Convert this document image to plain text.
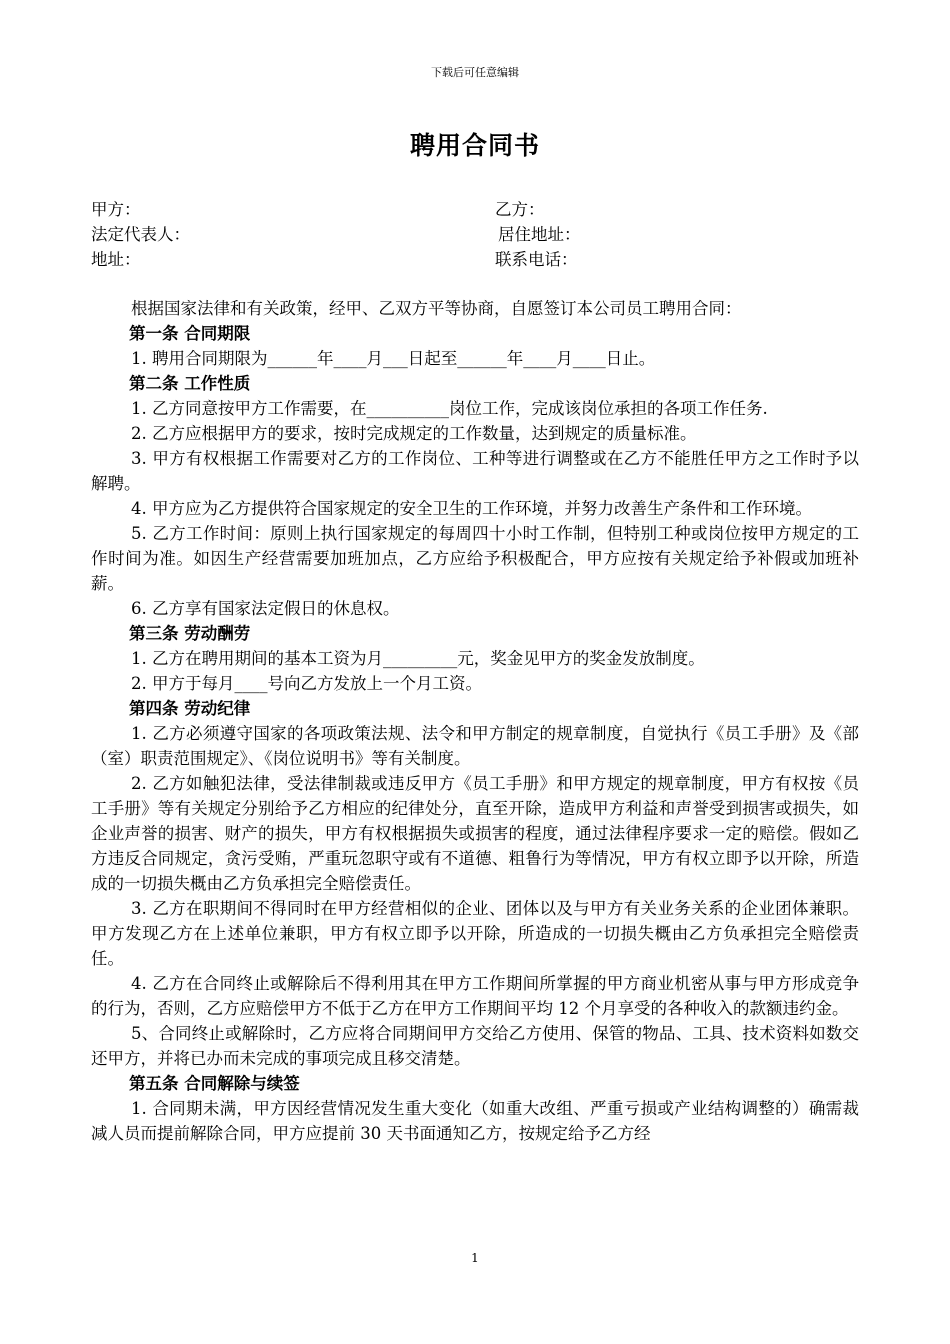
下载后可任意编辑
聘用合同书
甲方：	乙方：
法定代表人：	居住地址：
地址：	联系电话：

根据国家法律和有关政策，经甲、乙双方平等协商，自愿签订本公司员工聘用合同：

第一条 合同期限

1. 聘用合同期限为______年____月___日起至______年____月____日止。

第二条 工作性质

1. 乙方同意按甲方工作需要，在__________岗位工作，完成该岗位承担的各项工作任务.

2. 乙方应根据甲方的要求，按时完成规定的工作数量，达到规定的质量标准。

3. 甲方有权根据工作需要对乙方的工作岗位、工种等进行调整或在乙方不能胜任甲方之工作时予以解聘。

4. 甲方应为乙方提供符合国家规定的安全卫生的工作环境，并努力改善生产条件和工作环境。

5. 乙方工作时间：原则上执行国家规定的每周四十小时工作制，但特别工种或岗位按甲方规定的工作时间为准。如因生产经营需要加班加点，乙方应给予积极配合，甲方应按有关规定给予补假或加班补薪。

6. 乙方享有国家法定假日的休息权。

第三条 劳动酬劳

1. 乙方在聘用期间的基本工资为月_________元，奖金见甲方的奖金发放制度。

2. 甲方于每月____号向乙方发放上一个月工资。

第四条 劳动纪律

1. 乙方必须遵守国家的各项政策法规、法令和甲方制定的规章制度，自觉执行《员工手册》及《部（室）职责范围规定》、《岗位说明书》等有关制度。

2. 乙方如触犯法律，受法律制裁或违反甲方《员工手册》和甲方规定的规章制度，甲方有权按《员工手册》等有关规定分别给予乙方相应的纪律处分，直至开除，造成甲方利益和声誉受到损害或损失，如企业声誉的损害、财产的损失，甲方有权根据损失或损害的程度，通过法律程序要求一定的赔偿。假如乙方违反合同规定，贪污受贿，严重玩忽职守或有不道德、粗鲁行为等情况，甲方有权立即予以开除，所造成的一切损失概由乙方负承担完全赔偿责任。

3. 乙方在职期间不得同时在甲方经营相似的企业、团体以及与甲方有关业务关系的企业团体兼职。甲方发现乙方在上述单位兼职，甲方有权立即予以开除，所造成的一切损失概由乙方负承担完全赔偿责任。

4. 乙方在合同终止或解除后不得利用其在甲方工作期间所掌握的甲方商业机密从事与甲方形成竞争的行为，否则，乙方应赔偿甲方不低于乙方在甲方工作期间平均 12 个月享受的各种收入的款额违约金。

5、合同终止或解除时，乙方应将合同期间甲方交给乙方使用、保管的物品、工具、技术资料如数交还甲方，并将已办而未完成的事项完成且移交清楚。

第五条 合同解除与续签

1. 合同期未满，甲方因经营情况发生重大变化（如重大改组、严重亏损或产业结构调整的）确需裁减人员而提前解除合同，甲方应提前 30 天书面通知乙方，按规定给予乙方经

1
